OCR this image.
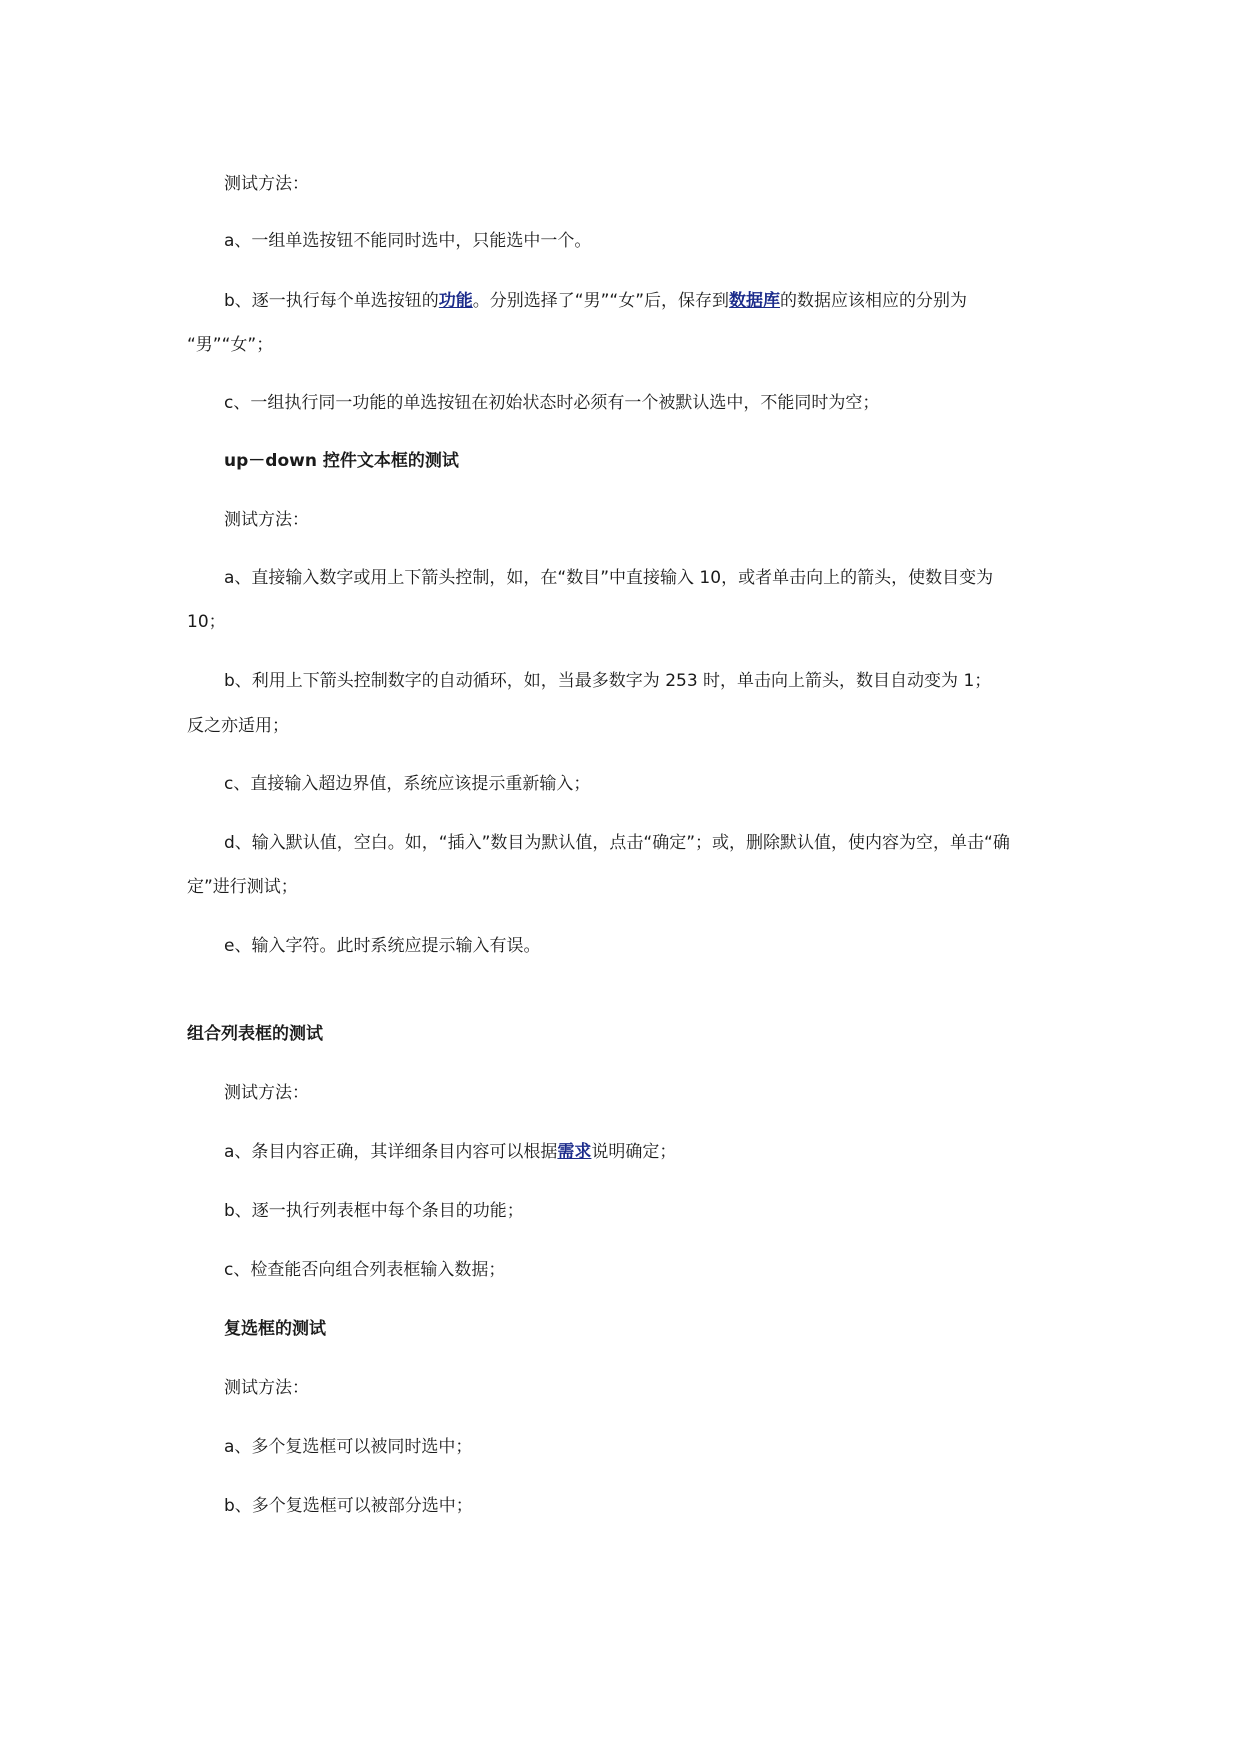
测试方法：
a、一组单选按钮不能同时选中，只能选中一个。
b、逐一执行每个单选按钮的功能。分别选择了“男”“女”后，保存到数据库的数据应该相应的分别为
“男”“女”；
c、一组执行同一功能的单选按钮在初始状态时必须有一个被默认选中，不能同时为空；
up－down 控件文本框的测试
测试方法：
a、直接输入数字或用上下箭头控制，如，在“数目”中直接输入 10，或者单击向上的箭头，使数目变为
10；
b、利用上下箭头控制数字的自动循环，如，当最多数字为 253 时，单击向上箭头，数目自动变为 1；
反之亦适用；
c、直接输入超边界值，系统应该提示重新输入；
d、输入默认值，空白。如，“插入”数目为默认值，点击“确定”；或，删除默认值，使内容为空，单击“确
定”进行测试；
e、输入字符。此时系统应提示输入有误。
组合列表框的测试
测试方法：
a、条目内容正确，其详细条目内容可以根据需求说明确定；
b、逐一执行列表框中每个条目的功能；
c、检查能否向组合列表框输入数据；
复选框的测试
测试方法：
a、多个复选框可以被同时选中；
b、多个复选框可以被部分选中；
